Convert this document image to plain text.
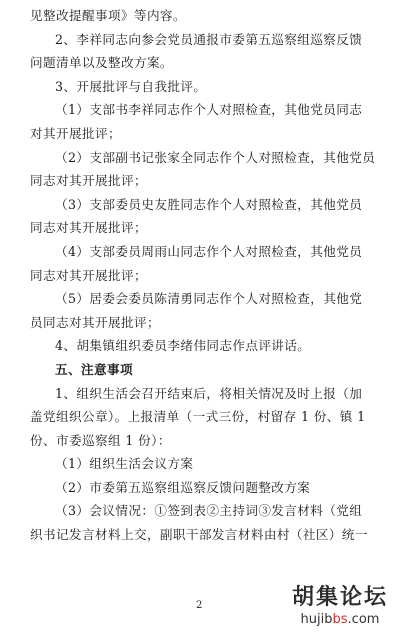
见整改提醒事项》等内容。
2、李祥同志向参会党员通报市委第五巡察组巡察反馈
问题清单以及整改方案。
3、开展批评与自我批评。
（1）支部书李祥同志作个人对照检查，其他党员同志
对其开展批评；
（2）支部副书记张家全同志作个人对照检查，其他党员
同志对其开展批评；
（3）支部委员史友胜同志作个人对照检查，其他党员
同志对其开展批评；
（4）支部委员周雨山同志作个人对照检查，其他党员
同志对其开展批评；
（5）居委会委员陈清勇同志作个人对照检查，其他党
员同志对其开展批评；
4、胡集镇组织委员李绪伟同志作点评讲话。
五、注意事项
1、组织生活会召开结束后，将相关情况及时上报（加
盖党组织公章）。上报清单（一式三份，村留存 1 份、镇 1
份、市委巡察组 1 份）：
（1）组织生活会议方案
（2）市委第五巡察组巡察反馈问题整改方案
（3）会议情况：①签到表②主持词③发言材料（党组
织书记发言材料上交，副职干部发言材料由村（社区）统一
2	胡集论坛
hujibbs.com
